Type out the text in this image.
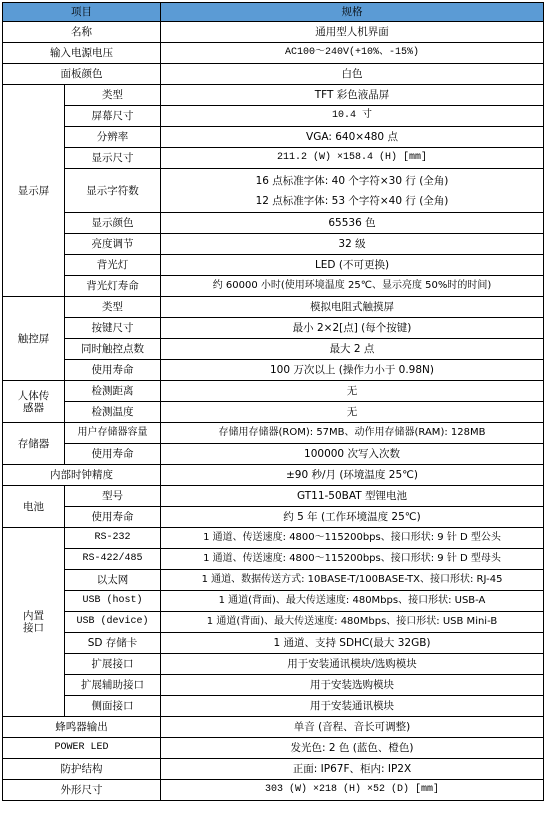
项目		规格
名称		通用型人机界面
输入电源电压		AC100～240V(+10%、-15%)
面板颜色		白色
显示屏	类型	TFT 彩色液晶屏
	屏幕尺寸	10.4 寸
	分辨率	VGA: 640×480 点
	显示尺寸	211.2 (W) ×158.4 (H) [mm]
	显示字符数	16 点标准字体: 40 个字符×30 行 (全角)
12 点标准字体: 53 个字符×40 行 (全角)

	显示颜色	65536 色
	亮度调节	32 级
	背光灯	LED (不可更换)
	背光灯寿命	约 60000 小时(使用环境温度 25℃、显示亮度 50%时的时间)
触控屏	类型	模拟电阻式触摸屏
	按键尺寸	最小 2×2[点] (每个按键)
	同时触控点数	最大 2 点
	使用寿命	100 万次以上 (操作力小于 0.98N)

人体传
感器	检测距离	无
	检测温度	无
存储器	用户存储器容量	存储用存储器(ROM): 57MB、动作用存储器(RAM): 128MB
	使用寿命	100000 次写入次数
内部时钟精度		±90 秒/月 (环境温度 25℃)
电池	型号	GT11-50BAT 型锂电池
	使用寿命	约 5 年 (工作环境温度 25℃)

内置
接口	RS-232	1 通道、传送速度: 4800～115200bps、接口形状: 9 针 D 型公头
	RS-422/485	1 通道、传送速度: 4800～115200bps、接口形状: 9 针 D 型母头
	以太网	1 通道、数据传送方式: 10BASE-T/100BASE-TX、接口形状: RJ-45
	USB (host)	1 通道(背面)、最大传送速度: 480Mbps、接口形状: USB-A
	USB (device)	1 通道(背面)、最大传送速度: 480Mbps、接口形状: USB Mini-B
	SD 存储卡	1 通道、支持 SDHC(最大 32GB)
	扩展接口	用于安装通讯模块/选购模块
	扩展辅助接口	用于安装选购模块
	侧面接口	用于安装通讯模块
蜂鸣器输出		单音 (音程、音长可调整)
POWER LED		发光色: 2 色 (蓝色、橙色)
防护结构		正面: IP67F、柜内: IP2X
外形尺寸		303 (W) ×218 (H) ×52 (D) [mm]
